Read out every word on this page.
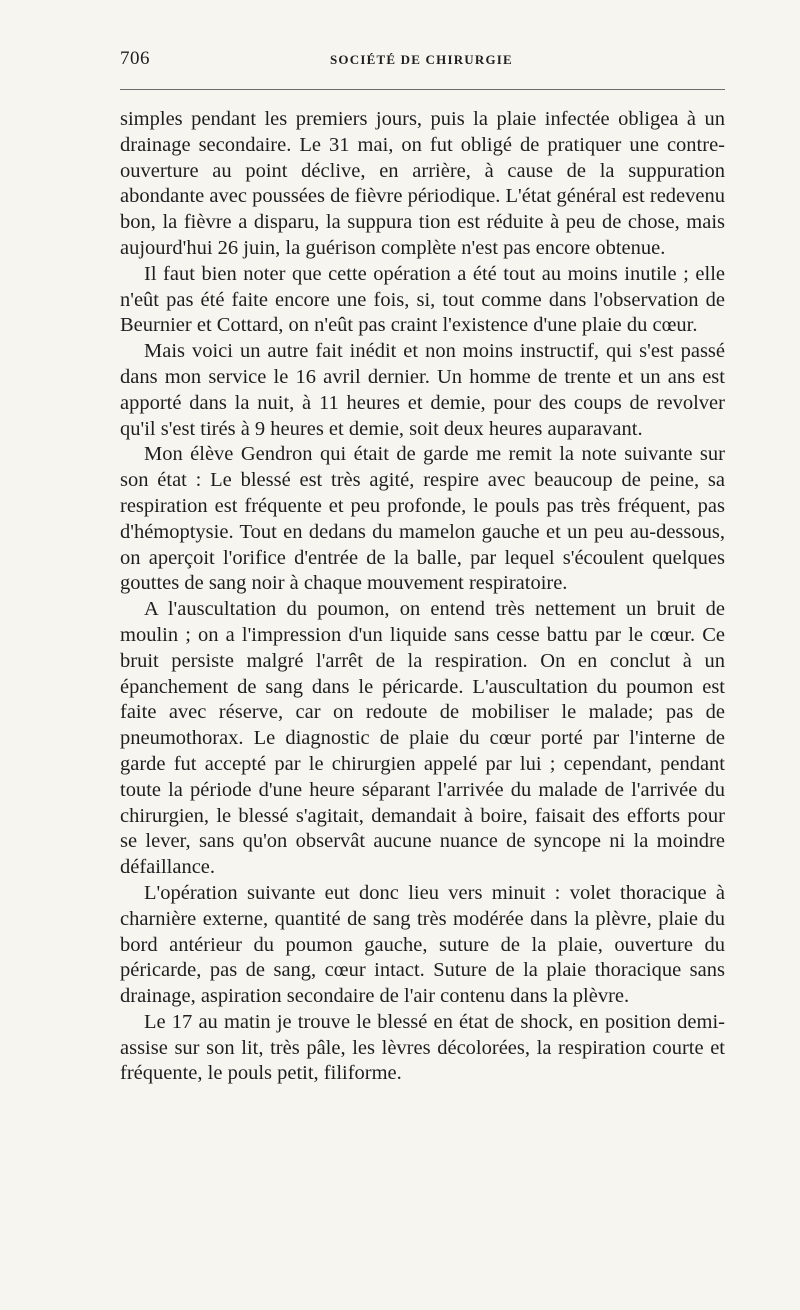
706	SOCIÉTÉ DE CHIRURGIE

simples pendant les premiers jours, puis la plaie infectée obligea à un drainage secondaire. Le 31 mai, on fut obligé de pratiquer une contre-ouverture au point déclive, en arrière, à cause de la suppuration abondante avec poussées de fièvre périodique. L'état général est redevenu bon, la fièvre a disparu, la suppura tion est réduite à peu de chose, mais aujourd'hui 26 juin, la guérison complète n'est pas encore obtenue.

Il faut bien noter que cette opération a été tout au moins inutile ; elle n'eût pas été faite encore une fois, si, tout comme dans l'observation de Beurnier et Cottard, on n'eût pas craint l'existence d'une plaie du cœur.

Mais voici un autre fait inédit et non moins instructif, qui s'est passé dans mon service le 16 avril dernier. Un homme de trente et un ans est apporté dans la nuit, à 11 heures et demie, pour des coups de revolver qu'il s'est tirés à 9 heures et demie, soit deux heures auparavant.

Mon élève Gendron qui était de garde me remit la note suivante sur son état : Le blessé est très agité, respire avec beaucoup de peine, sa respiration est fréquente et peu profonde, le pouls pas très fréquent, pas d'hémoptysie. Tout en dedans du mamelon gauche et un peu au-dessous, on aperçoit l'orifice d'entrée de la balle, par lequel s'écoulent quelques gouttes de sang noir à chaque mouvement respiratoire.

A l'auscultation du poumon, on entend très nettement un bruit de moulin ; on a l'impression d'un liquide sans cesse battu par le cœur. Ce bruit persiste malgré l'arrêt de la respiration. On en conclut à un épanchement de sang dans le péricarde. L'auscultation du poumon est faite avec réserve, car on redoute de mobiliser le malade; pas de pneumothorax. Le diagnostic de plaie du cœur porté par l'interne de garde fut accepté par le chirurgien appelé par lui ; cependant, pendant toute la période d'une heure séparant l'arrivée du malade de l'arrivée du chirurgien, le blessé s'agitait, demandait à boire, faisait des efforts pour se lever, sans qu'on observât aucune nuance de syncope ni la moindre défaillance.

L'opération suivante eut donc lieu vers minuit : volet thoracique à charnière externe, quantité de sang très modérée dans la plèvre, plaie du bord antérieur du poumon gauche, suture de la plaie, ouverture du péricarde, pas de sang, cœur intact. Suture de la plaie thoracique sans drainage, aspiration secondaire de l'air contenu dans la plèvre.

Le 17 au matin je trouve le blessé en état de shock, en position demi-assise sur son lit, très pâle, les lèvres décolorées, la respiration courte et fréquente, le pouls petit, filiforme.
